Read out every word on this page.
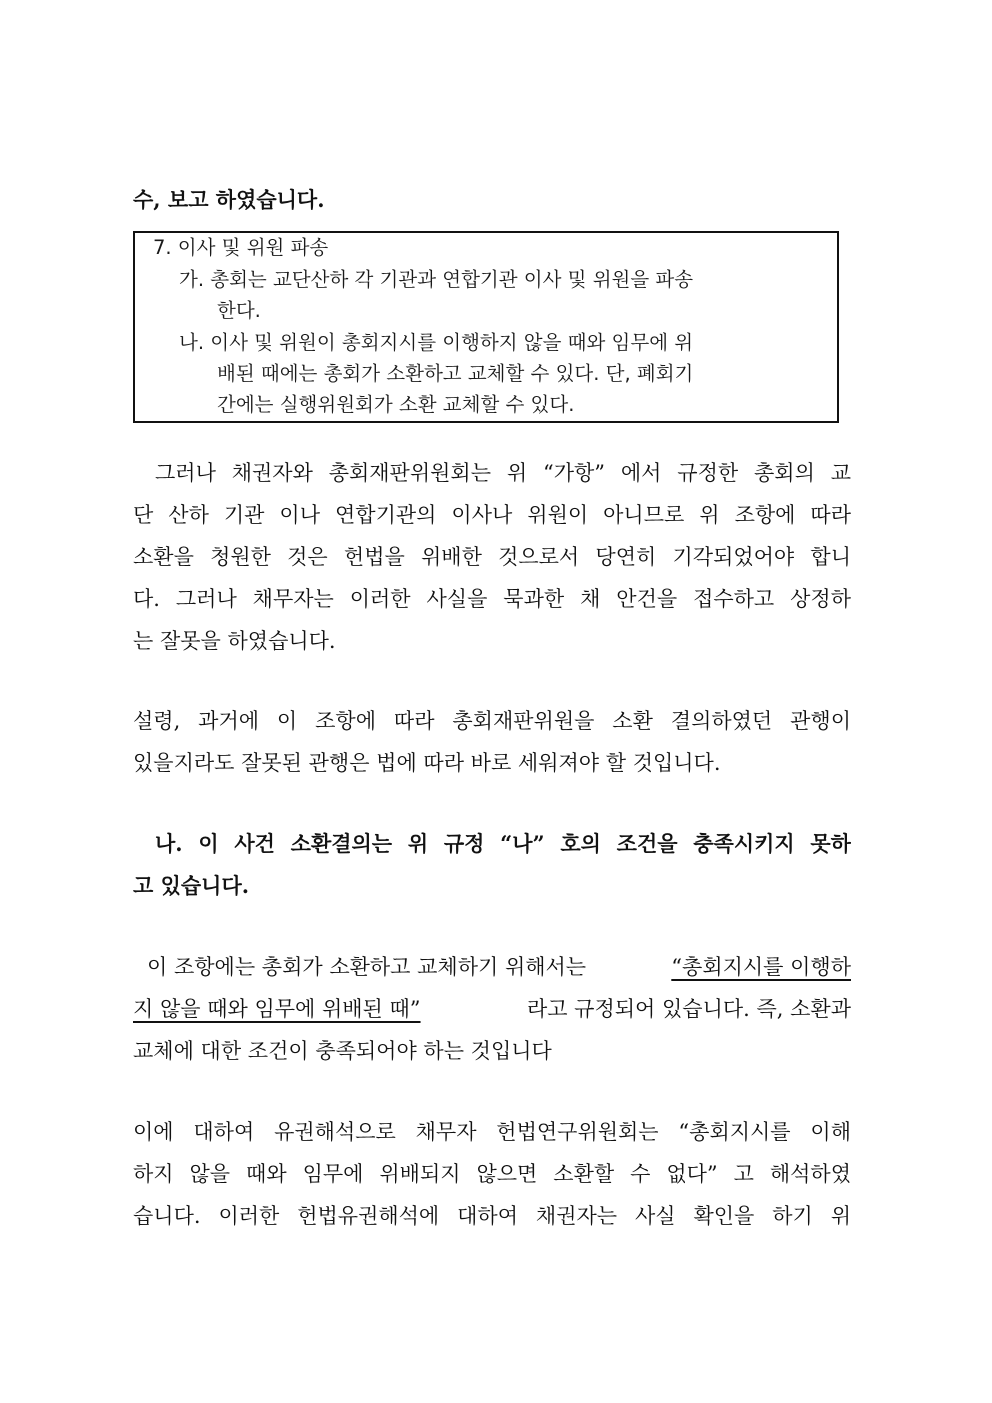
수, 보고 하였습니다.
그러나 채권자와 총회재판위원회는 위 “가항” 에서 규정한 총회의 교
단 산하 기관 이나 연합기관의 이사나 위원이 아니므로 위 조항에 따라
소환을 청원한 것은 헌법을 위배한 것으로서 당연히 기각되었어야 합니
다. 그러나 채무자는 이러한 사실을 묵과한 채 안건을 접수하고 상정하
는 잘못을 하였습니다.
설령, 과거에 이 조항에 따라 총회재판위원을 소환 결의하였던 관행이
있을지라도 잘못된 관행은 법에 따라 바로 세워져야 할 것입니다.
나. 이 사건 소환결의는 위 규정 “나” 호의 조건을 충족시키지 못하
고 있습니다.
이 조항에는 총회가 소환하고 교체하기 위해서는	“총회지시를 이행하
지 않을 때와 임무에 위배된 때”	라고 규정되어 있습니다. 즉, 소환과
교체에 대한 조건이 충족되어야 하는 것입니다
이에 대하여 유권해석으로 채무자 헌법연구위원회는 “총회지시를 이해
하지 않을 때와 임무에 위배되지 않으면 소환할 수 없다” 고 해석하였
습니다. 이러한 헌법유권해석에 대하여 채권자는 사실 확인을 하기 위
7. 이사 및 위원 파송
가. 총회는 교단산하 각 기관과 연합기관 이사 및 위원을 파송
한다.
나. 이사 및 위원이 총회지시를 이행하지 않을 때와 임무에 위
배된 때에는 총회가 소환하고 교체할 수 있다. 단, 폐회기
간에는 실행위원회가 소환 교체할 수 있다.
